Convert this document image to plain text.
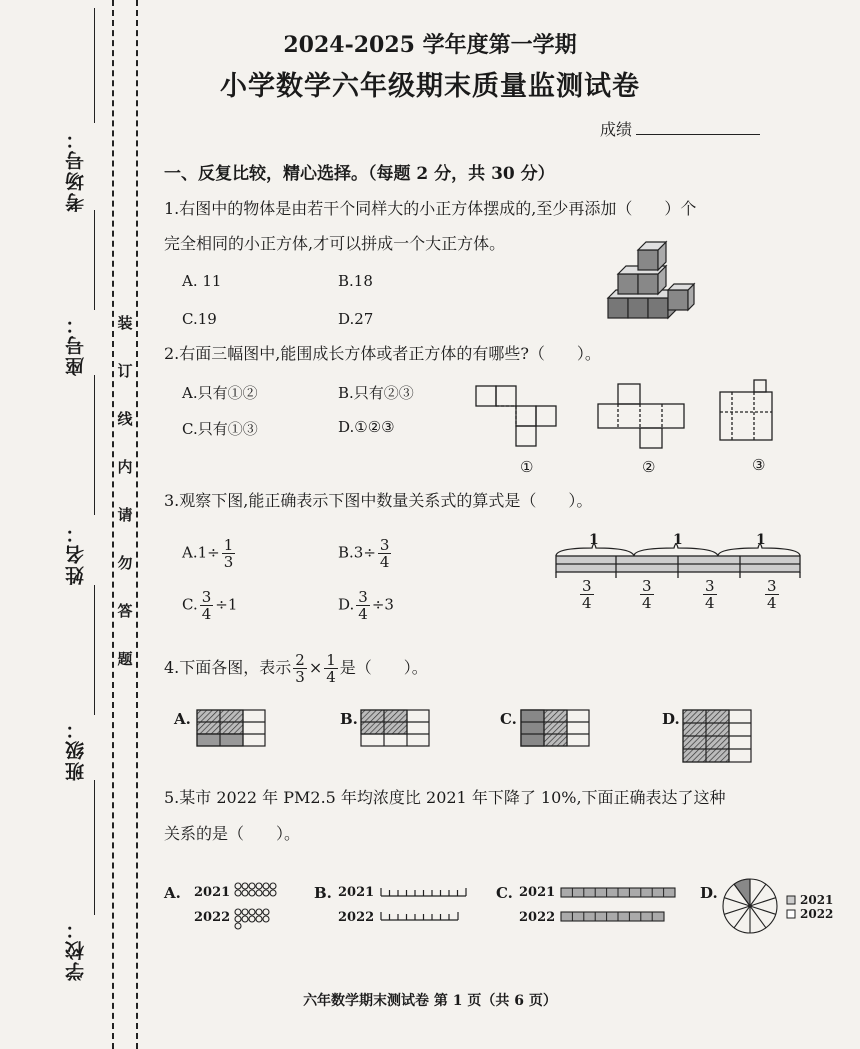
考场号：
座号：
姓名：
班级：
学校：
装
订
线
内
请
勿
答
题
2024-2025 学年度第一学期
小学数学六年级期末质量监测试卷
成绩
一、反复比较，精心选择。（每题 2 分，共 30 分）
1.右图中的物体是由若干个同样大的小正方体摆成的,至少再添加（　　）个
完全相同的小正方体,才可以拼成一个大正方体。
A. 11	B.18
C.19	D.27
2.右面三幅图中,能围成长方体或者正方体的有哪些?（　　）。
A.只有①②	B.只有②③
C.只有①③	D.①②③
①	②	③
3.观察下图,能正确表示下图中数量关系式的算式是（　　）。
$A.1\div \frac{1}{3}$	$B.3\div \frac{3}{4}$
C. $\frac{3}{4} \div 1$	D. $\frac{3}{4} \div 3$
1	1	1
$\frac{3}{4}$	$\frac{3}{4}$	$\frac{3}{4}$	$\frac{3}{4}$
4.下面各图，表示 $\frac{2}{3} \times \frac{1}{4}$ 是（　　）。
A.	B.	C.	D.
5.某市 2022 年 PM2.5 年均浓度比 2021 年下降了 10%,下面正确表达了这种
关系的是（　　）。
A. 2021
2022
B. 2021
2022
C. 2021
2022
D.	2021
2022
六年数学期末测试卷 第 1 页（共 6 页）
